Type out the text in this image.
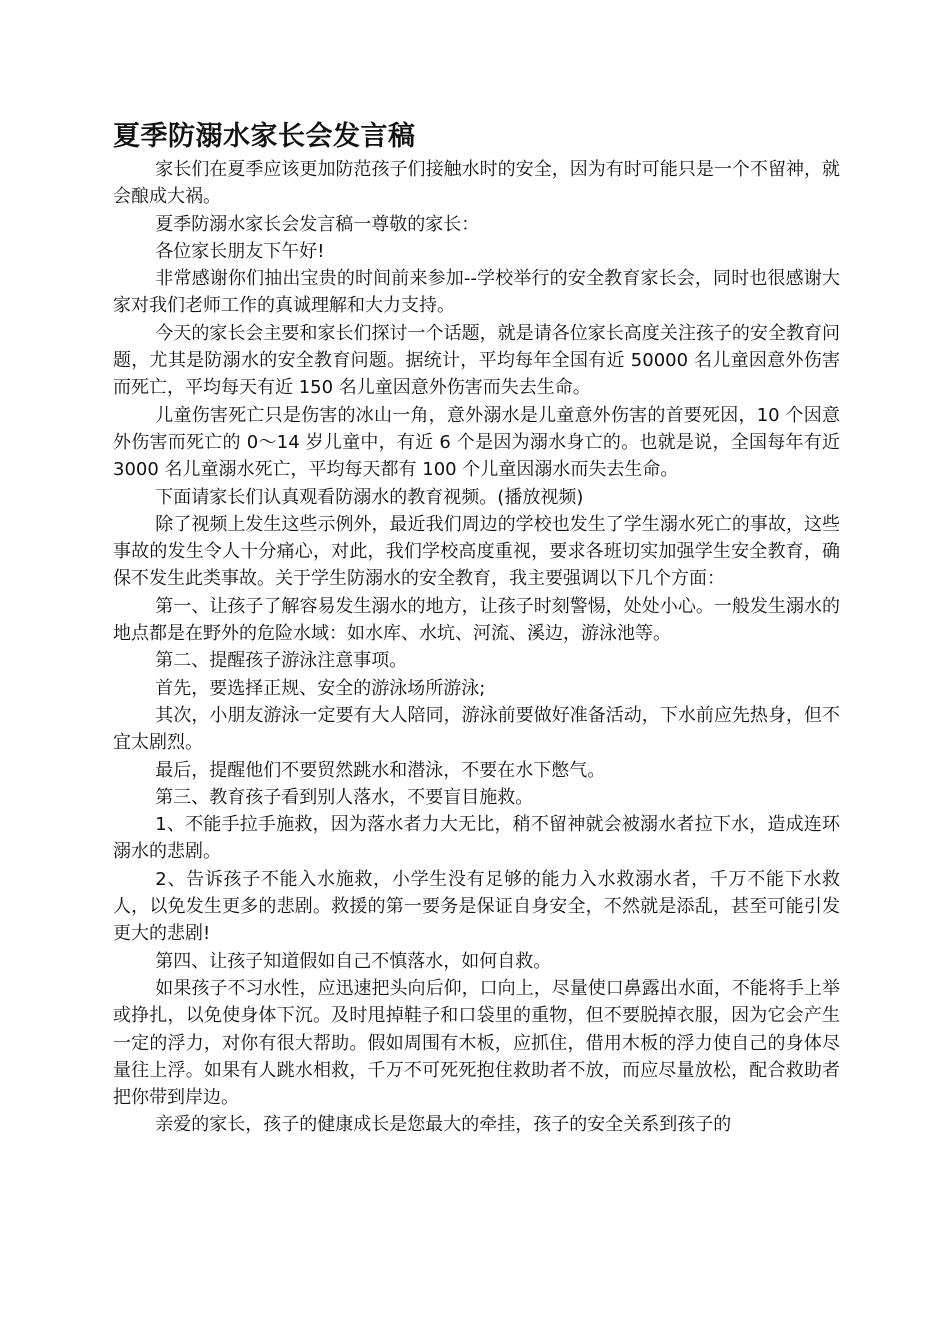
夏季防溺水家长会发言稿

家长们在夏季应该更加防范孩子们接触水时的安全，因为有时可能只是一个不留神，就会酿成大祸。

夏季防溺水家长会发言稿一尊敬的家长：

各位家长朋友下午好!

非常感谢你们抽出宝贵的时间前来参加--学校举行的安全教育家长会，同时也很感谢大家对我们老师工作的真诚理解和大力支持。

今天的家长会主要和家长们探讨一个话题，就是请各位家长高度关注孩子的安全教育问题，尤其是防溺水的安全教育问题。据统计，平均每年全国有近 50000 名儿童因意外伤害而死亡，平均每天有近 150 名儿童因意外伤害而失去生命。

儿童伤害死亡只是伤害的冰山一角，意外溺水是儿童意外伤害的首要死因，10 个因意外伤害而死亡的 0～14 岁儿童中，有近 6 个是因为溺水身亡的。也就是说，全国每年有近 3000 名儿童溺水死亡，平均每天都有 100 个儿童因溺水而失去生命。

下面请家长们认真观看防溺水的教育视频。(播放视频)

除了视频上发生这些示例外，最近我们周边的学校也发生了学生溺水死亡的事故，这些事故的发生令人十分痛心，对此，我们学校高度重视，要求各班切实加强学生安全教育，确保不发生此类事故。关于学生防溺水的安全教育，我主要强调以下几个方面：

第一、让孩子了解容易发生溺水的地方，让孩子时刻警惕，处处小心。一般发生溺水的地点都是在野外的危险水域：如水库、水坑、河流、溪边，游泳池等。

第二、提醒孩子游泳注意事项。

首先，要选择正规、安全的游泳场所游泳;

其次，小朋友游泳一定要有大人陪同，游泳前要做好准备活动，下水前应先热身，但不宜太剧烈。

最后，提醒他们不要贸然跳水和潜泳，不要在水下憋气。

第三、教育孩子看到别人落水，不要盲目施救。

1、不能手拉手施救，因为落水者力大无比，稍不留神就会被溺水者拉下水，造成连环溺水的悲剧。

2、告诉孩子不能入水施救，小学生没有足够的能力入水救溺水者，千万不能下水救人，以免发生更多的悲剧。救援的第一要务是保证自身安全，不然就是添乱，甚至可能引发更大的悲剧!

第四、让孩子知道假如自己不慎落水，如何自救。

如果孩子不习水性，应迅速把头向后仰，口向上，尽量使口鼻露出水面，不能将手上举或挣扎，以免使身体下沉。及时甩掉鞋子和口袋里的重物，但不要脱掉衣服，因为它会产生一定的浮力，对你有很大帮助。假如周围有木板，应抓住，借用木板的浮力使自己的身体尽量往上浮。如果有人跳水相救，千万不可死死抱住救助者不放，而应尽量放松，配合救助者把你带到岸边。

亲爱的家长，孩子的健康成长是您最大的牵挂，孩子的安全关系到孩子的
